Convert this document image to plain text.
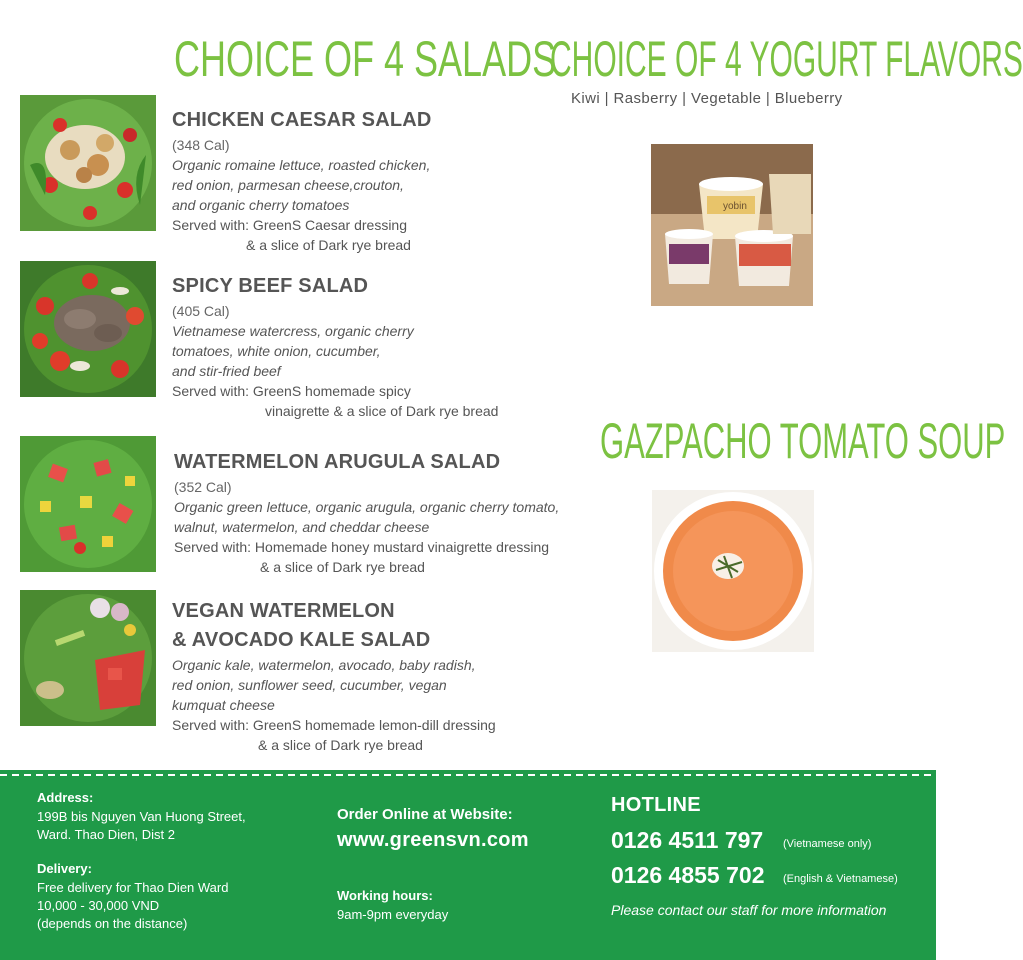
CHOICE OF 4 SALADS
CHICKEN CAESAR SALAD
(348 Cal)
Organic romaine lettuce, roasted chicken,
red onion, parmesan cheese,crouton,
and organic cherry tomatoes
Served with: GreenS Caesar dressing
& a slice of Dark rye bread
SPICY BEEF SALAD
(405 Cal)
Vietnamese watercress, organic cherry
tomatoes, white onion, cucumber,
and stir-fried beef
Served with: GreenS homemade spicy
vinaigrette & a slice of Dark rye bread
WATERMELON ARUGULA SALAD
(352 Cal)
Organic green lettuce, organic arugula, organic cherry tomato,
walnut, watermelon, and cheddar cheese
Served with: Homemade honey mustard vinaigrette dressing
& a slice of Dark rye bread
VEGAN WATERMELON
& AVOCADO KALE SALAD
Organic kale, watermelon, avocado, baby radish,
red onion, sunflower seed, cucumber, vegan
kumquat cheese
Served with: GreenS homemade lemon-dill dressing
& a slice of Dark rye bread
CHOICE OF 4 YOGURT FLAVORS
Kiwi | Rasberry | Vegetable | Blueberry
yobin
GAZPACHO TOMATO SOUP
Address:
199B bis Nguyen Van Huong Street,
Ward. Thao Dien, Dist 2
Delivery:
Free delivery for Thao Dien Ward
10,000 - 30,000 VND
(depends on the distance)
Order Online at Website:
www.greensvn.com
Working hours:
9am-9pm everyday
HOTLINE
0126 4511 797 (Vietnamese only)
0126 4855 702 (English & Vietnamese)
Please contact our staff for more information
